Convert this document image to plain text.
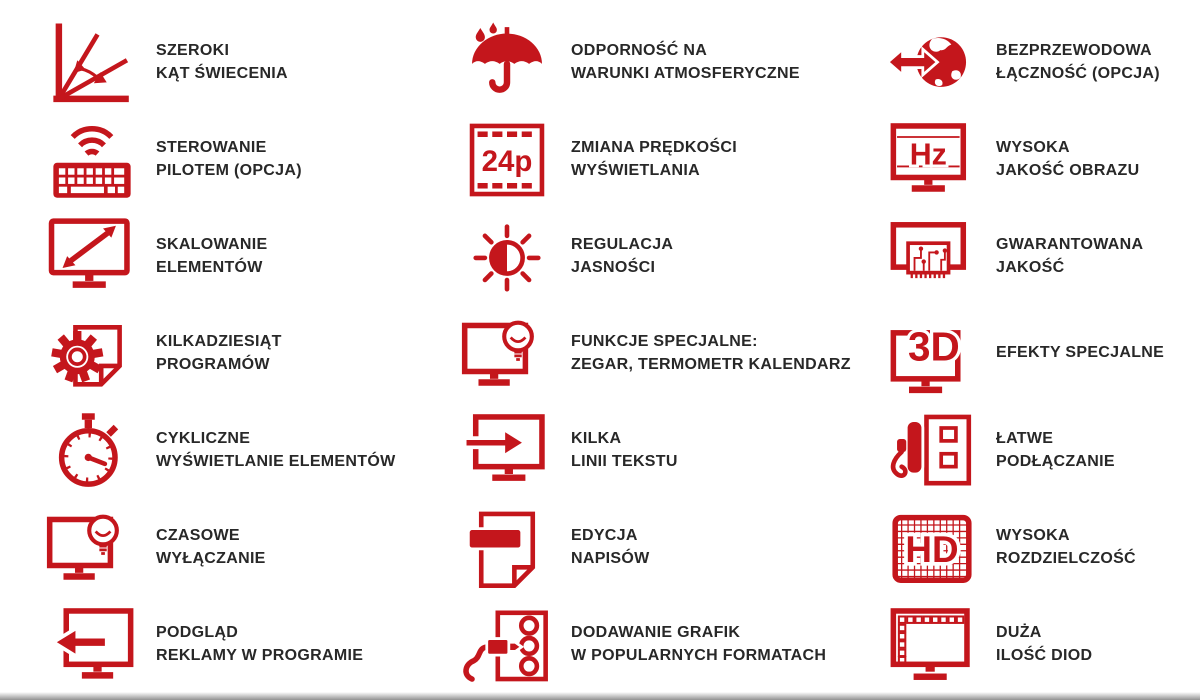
SZEROKI
KĄT ŚWIECENIA
ODPORNOŚĆ NA
WARUNKI ATMOSFERYCZNE
BEZPRZEWODOWA
ŁĄCZNOŚĆ (OPCJA)
STEROWANIE
PILOTEM (OPCJA)	24p ZMIANA PRĘDKOŚCI
WYŚWIETLANIA	Hz	WYSOKA
JAKOŚĆ OBRAZU
SKALOWANIE
ELEMENTÓW
REGULACJA
JASNOŚCI
GWARANTOWANA
JAKOŚĆ
KILKADZIESIĄT
PROGRAMÓW
FUNKCJE SPECJALNE:
ZEGAR, TERMOMETR KALENDARZ 3D EFEKTY SPECJALNE
CYKLICZNE
WYŚWIETLANIE ELEMENTÓW
KILKA
LINII TEKSTU
ŁATWE
PODŁĄCZANIE
CZASOWE
WYŁĄCZANIE
EDYCJA
NAPISÓW	HD WYSOKA
ROZDZIELCZOŚĆ
PODGLĄD
REKLAMY W PROGRAMIE
DODAWANIE GRAFIK
W POPULARNYCH FORMATACH
DUŻA
ILOŚĆ DIOD
